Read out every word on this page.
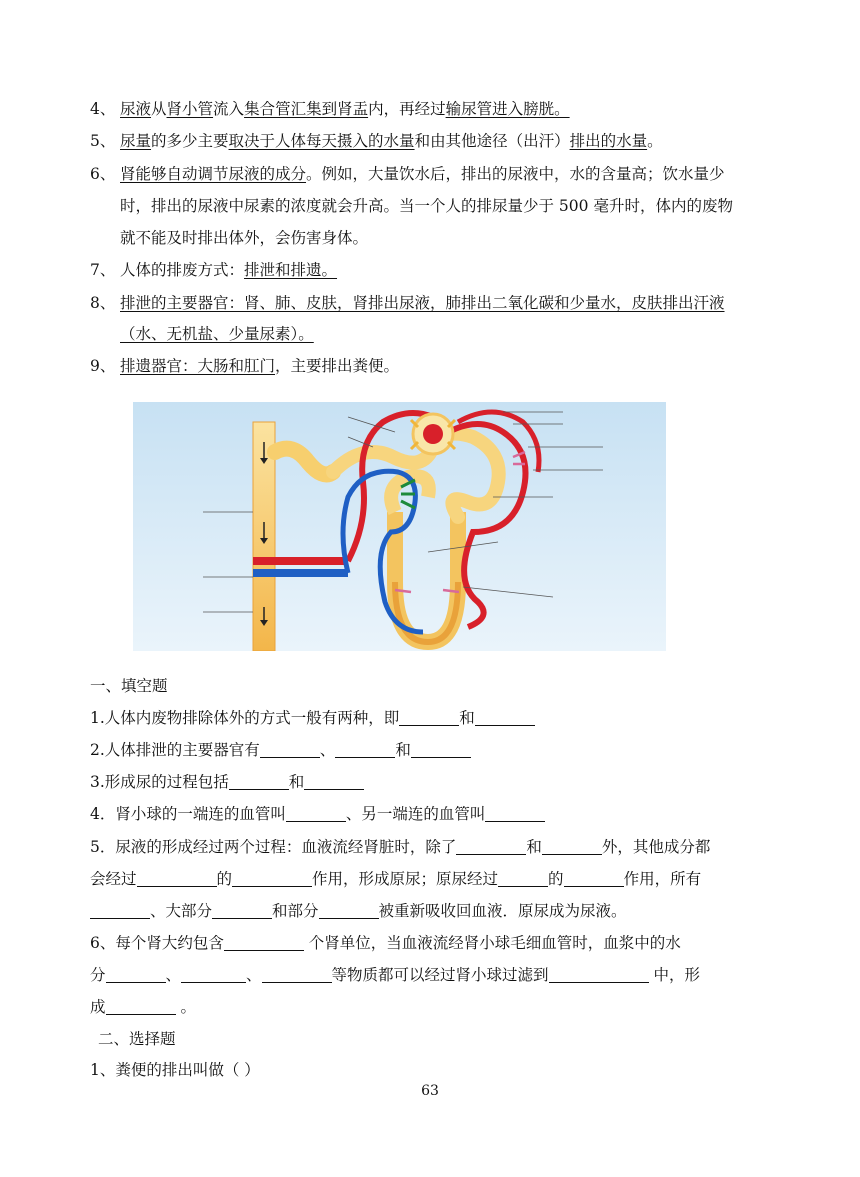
4、 尿液从肾小管流入集合管汇集到肾盂内，再经过输尿管进入膀胱。
5、 尿量的多少主要取决于人体每天摄入的水量和由其他途径（出汗）排出的水量。
6、 肾能够自动调节尿液的成分。例如，大量饮水后，排出的尿液中，水的含量高；饮水量少
时，排出的尿液中尿素的浓度就会升高。当一个人的排尿量少于 500 毫升时，体内的废物
就不能及时排出体外，会伤害身体。
7、 人体的排废方式：排泄和排遗。
8、 排泄的主要器官：肾、肺、皮肤，肾排出尿液，肺排出二氧化碳和少量水，皮肤排出汗液
（水、无机盐、少量尿素）。
9、 排遗器官：大肠和肛门，主要排出粪便。
一、填空题
1.人体内废物排除体外的方式一般有两种，即	和
2.人体排泄的主要器官有	、	和
3.形成尿的过程包括	和
4．肾小球的一端连的血管叫	、另一端连的血管叫
5．尿液的形成经过两个过程：血液流经肾脏时，除了	和	外，其他成分都
会经过	的	作用，形成原尿；原尿经过	的	作用，所有
、大部分	和部分	被重新吸收回血液．原尿成为尿液。
6、每个肾大约包含	个肾单位，当血液流经肾小球毛细血管时，血浆中的水
分	、	、	等物质都可以经过肾小球过滤到	中，形
成	。
二、选择题
1、粪便的排出叫做（ ）
63
